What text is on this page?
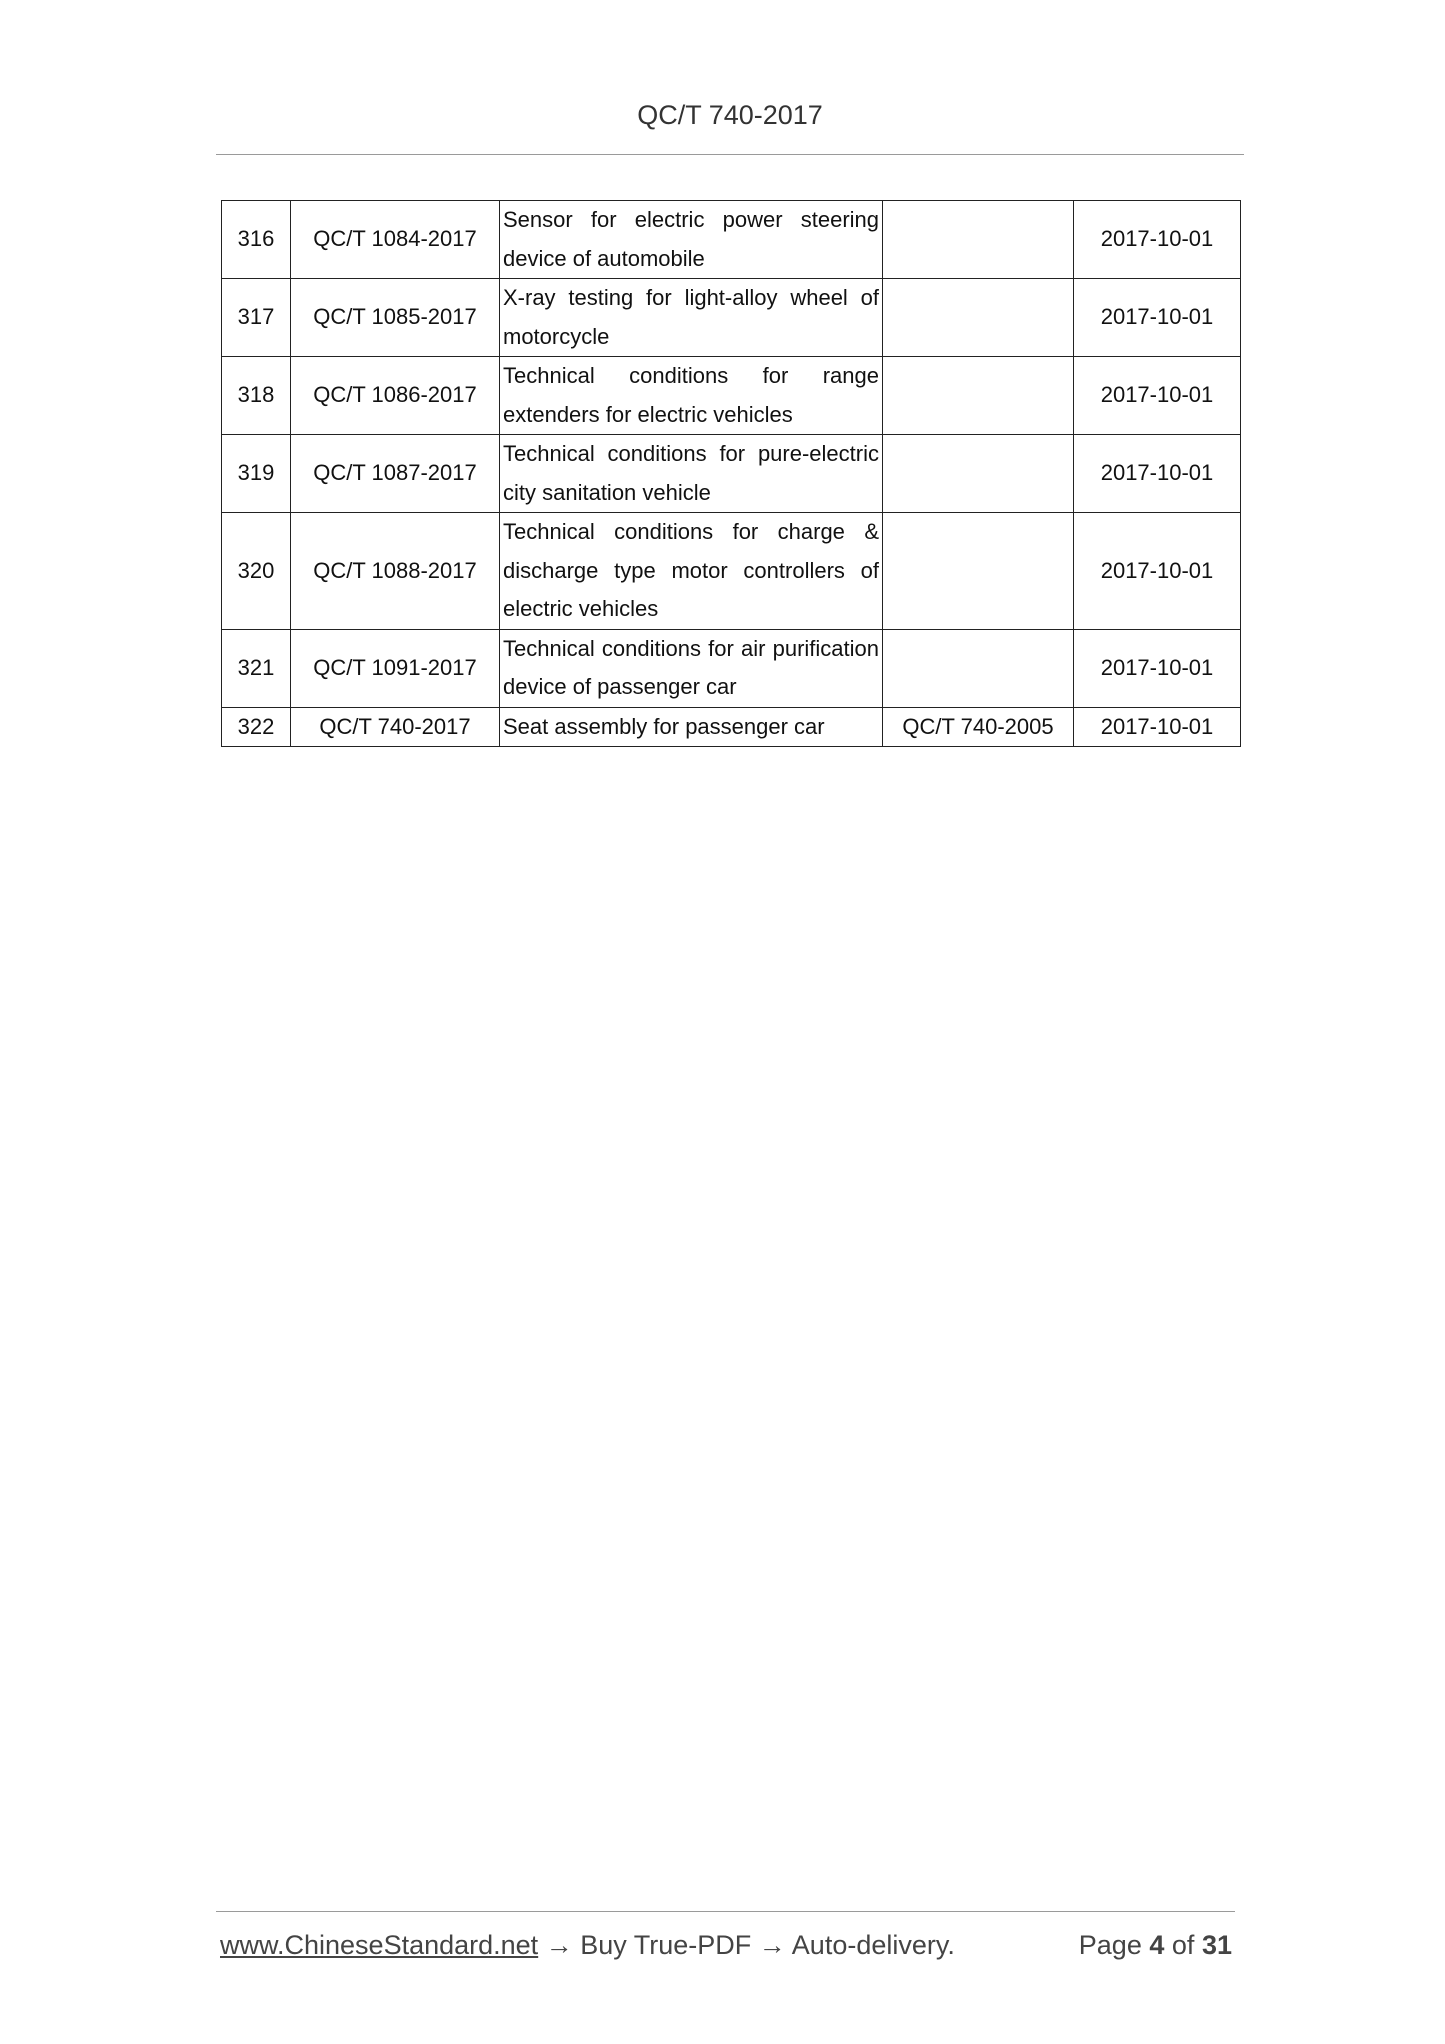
QC/T 740-2017
316	QC/T 1084-2017	Sensor for electric power steering device of automobile		2017-10-01
317	QC/T 1085-2017	X-ray testing for light-alloy wheel of motorcycle		2017-10-01
318	QC/T 1086-2017	Technical conditions for range extenders for electric vehicles		2017-10-01
319	QC/T 1087-2017	Technical conditions for pure-electric city sanitation vehicle		2017-10-01
320	QC/T 1088-2017	Technical conditions for charge & discharge type motor controllers of electric vehicles		2017-10-01
321	QC/T 1091-2017	Technical conditions for air purification device of passenger car		2017-10-01
322	QC/T 740-2017	Seat assembly for passenger car	QC/T 740-2005	2017-10-01
www.ChineseStandard.net → Buy True-PDF → Auto-delivery.	Page 4 of 31
